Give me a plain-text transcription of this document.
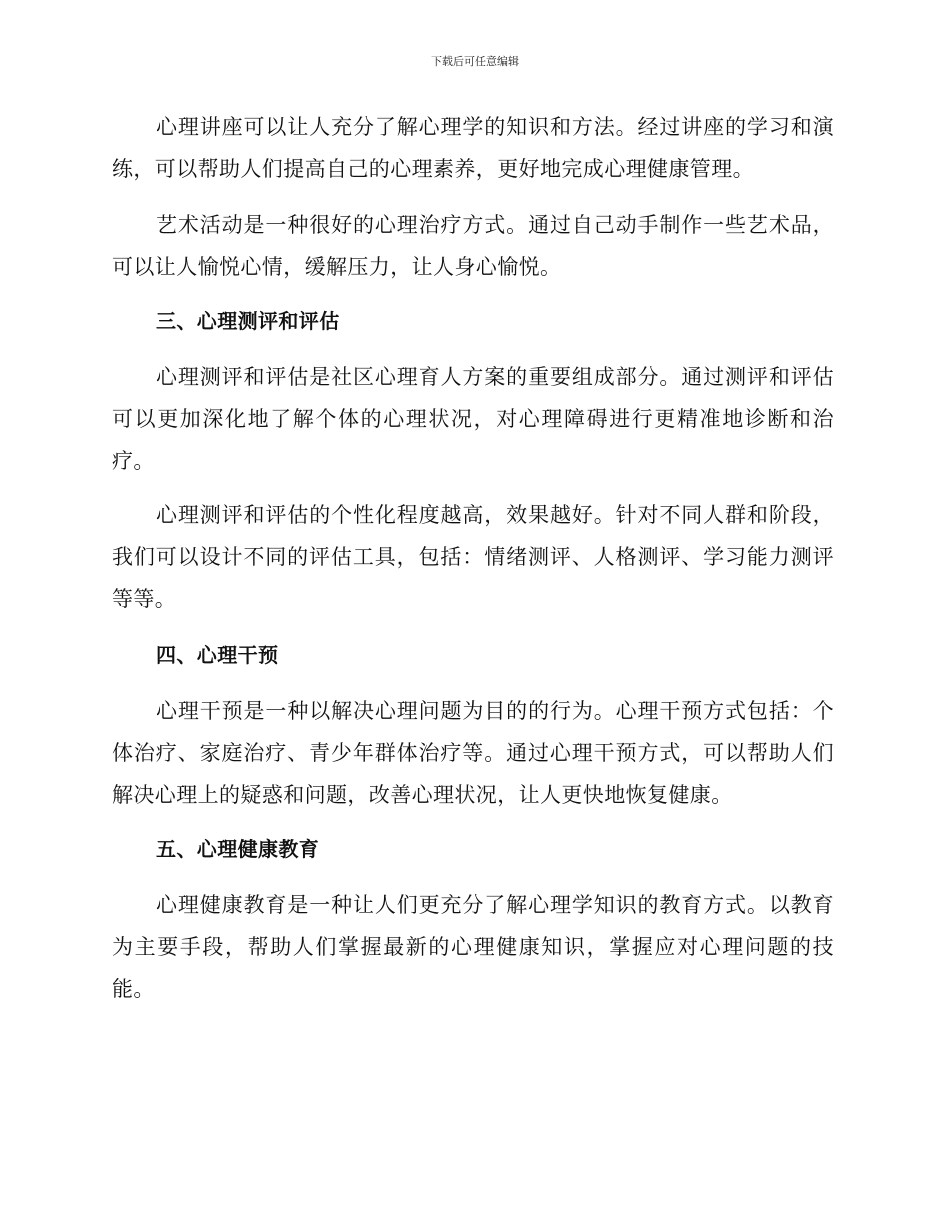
下载后可任意编辑

心理讲座可以让人充分了解心理学的知识和方法。经过讲座的学习和演练，可以帮助人们提高自己的心理素养，更好地完成心理健康管理。

艺术活动是一种很好的心理治疗方式。通过自己动手制作一些艺术品，可以让人愉悦心情，缓解压力，让人身心愉悦。

三、心理测评和评估

心理测评和评估是社区心理育人方案的重要组成部分。通过测评和评估可以更加深化地了解个体的心理状况，对心理障碍进行更精准地诊断和治疗。

心理测评和评估的个性化程度越高，效果越好。针对不同人群和阶段，我们可以设计不同的评估工具，包括：情绪测评、人格测评、学习能力测评等等。

四、心理干预

心理干预是一种以解决心理问题为目的的行为。心理干预方式包括：个体治疗、家庭治疗、青少年群体治疗等。通过心理干预方式，可以帮助人们解决心理上的疑惑和问题，改善心理状况，让人更快地恢复健康。

五、心理健康教育

心理健康教育是一种让人们更充分了解心理学知识的教育方式。以教育为主要手段，帮助人们掌握最新的心理健康知识，掌握应对心理问题的技能。
